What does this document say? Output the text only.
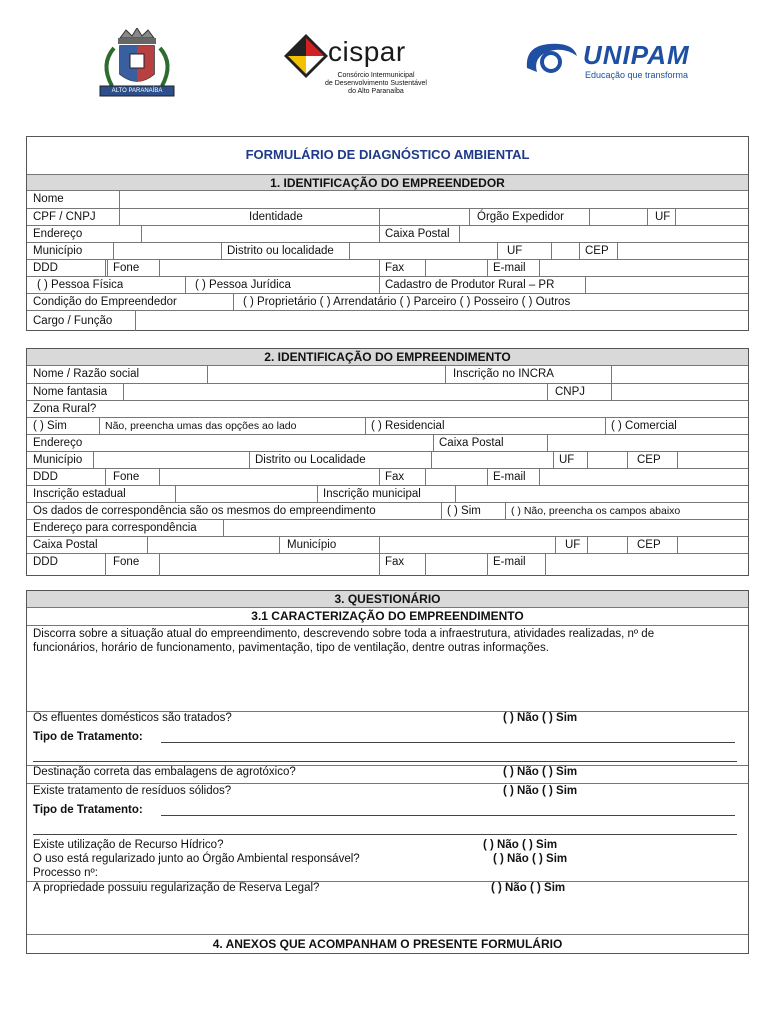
ALTO PARANAÍBA
cispar
Consórcio Intermunicipal
de Desenvolvimento Sustentável
do Alto Paranaíba
UNIPAM
Educação que transforma
FORMULÁRIO DE DIAGNÓSTICO AMBIENTAL
1. IDENTIFICAÇÃO DO EMPREENDEDOR
Nome
CPF / CNPJ	Identidade	Órgão Expedidor	UF
Endereço	Caixa Postal
Município	Distrito ou localidade	UF	CEP
DDD	Fone	Fax	E-mail
( ) Pessoa Física	( ) Pessoa Jurídica	Cadastro de Produtor Rural – PR
Condição do Empreendedor	( ) Proprietário ( ) Arrendatário ( ) Parceiro ( ) Posseiro ( ) Outros
Cargo / Função
2. IDENTIFICAÇÃO DO EMPREENDIMENTO
Nome / Razão social	Inscrição no INCRA
Nome fantasia	CNPJ
Zona Rural?
( ) Sim	Não, preencha umas das opções ao lado	( ) Residencial	( ) Comercial
Endereço	Caixa Postal
Município	Distrito ou Localidade	UF	CEP
DDD	Fone	Fax	E-mail
Inscrição estadual	Inscrição municipal
Os dados de correspondência são os mesmos do empreendimento	( ) Sim	( ) Não, preencha os campos abaixo
Endereço para correspondência
Caixa Postal	Município	UF	CEP
DDD	Fone	Fax	E-mail
3. QUESTIONÁRIO
3.1 CARACTERIZAÇÃO DO EMPREENDIMENTO
Discorra sobre a situação atual do empreendimento, descrevendo sobre toda a infraestrutura, atividades realizadas, nº de
funcionários, horário de funcionamento, pavimentação, tipo de ventilação, dentre outras informações.
Os efluentes domésticos são tratados?	( ) Não ( ) Sim
Tipo de Tratamento:
Destinação correta das embalagens de agrotóxico?	( ) Não ( ) Sim
Existe tratamento de resíduos sólidos?	( ) Não ( ) Sim
Tipo de Tratamento:
Existe utilização de Recurso Hídrico?	( ) Não ( ) Sim
O uso está regularizado junto ao Órgão Ambiental responsável?	( ) Não ( ) Sim
Processo nº:
A propriedade possuiu regularização de Reserva Legal?	( ) Não ( ) Sim
4. ANEXOS QUE ACOMPANHAM O PRESENTE FORMULÁRIO
